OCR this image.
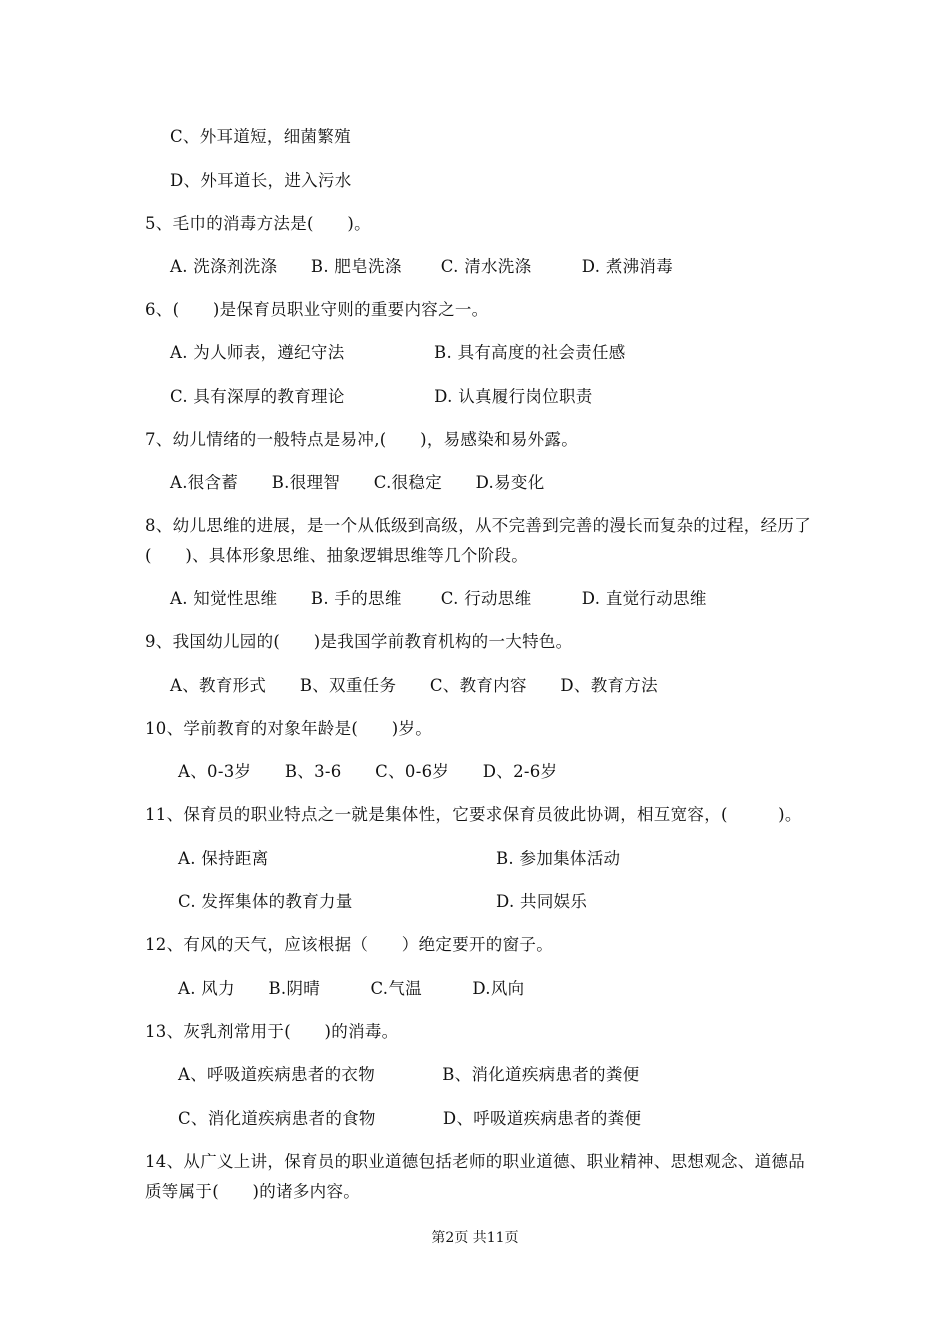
C、外耳道短，细菌繁殖
D、外耳道长，进入污水
5、毛巾的消毒方法是(　　)。
A. 洗涤剂洗涤　　B. 肥皂洗涤　　 C. 清水洗涤　　　D. 煮沸消毒
6、(　　)是保育员职业守则的重要内容之一。
A. 为人师表，遵纪守法　　　　　 B. 具有高度的社会责任感
C. 具有深厚的教育理论　　　　　 D. 认真履行岗位职责
7、幼儿情绪的一般特点是易冲,(　　)，易感染和易外露。
A.很含蓄　　B.很理智　　C.很稳定　　D.易变化
8、幼儿思维的进展，是一个从低级到高级，从不完善到完善的漫长而复杂的过程，经历了
(　　)、具体形象思维、抽象逻辑思维等几个阶段。
A. 知觉性思维　　B. 手的思维　　 C. 行动思维　　　D. 直觉行动思维
9、我国幼儿园的(　　)是我国学前教育机构的一大特色。
A、教育形式　　B、双重任务　　C、教育内容　　D、教育方法
10、学前教育的对象年龄是(　　)岁。
A、0-3岁　　B、3-6　　C、0-6岁　　D、2-6岁
11、保育员的职业特点之一就是集体性，它要求保育员彼此协调，相互宽容，(　　　)。
A. 保持距离	B. 参加集体活动
C. 发挥集体的教育力量	D. 共同娱乐
12、有风的天气，应该根据（　　）绝定要开的窗子。
A. 风力　　B.阴晴　　　C.气温　　　D.风向
13、灰乳剂常用于(　　)的消毒。
A、呼吸道疾病患者的衣物　　　　B、消化道疾病患者的粪便
C、消化道疾病患者的食物　　　　D、呼吸道疾病患者的粪便
14、从广义上讲，保育员的职业道德包括老师的职业道德、职业精神、思想观念、道德品
质等属于(　　)的诸多内容。
第2页 共11页
